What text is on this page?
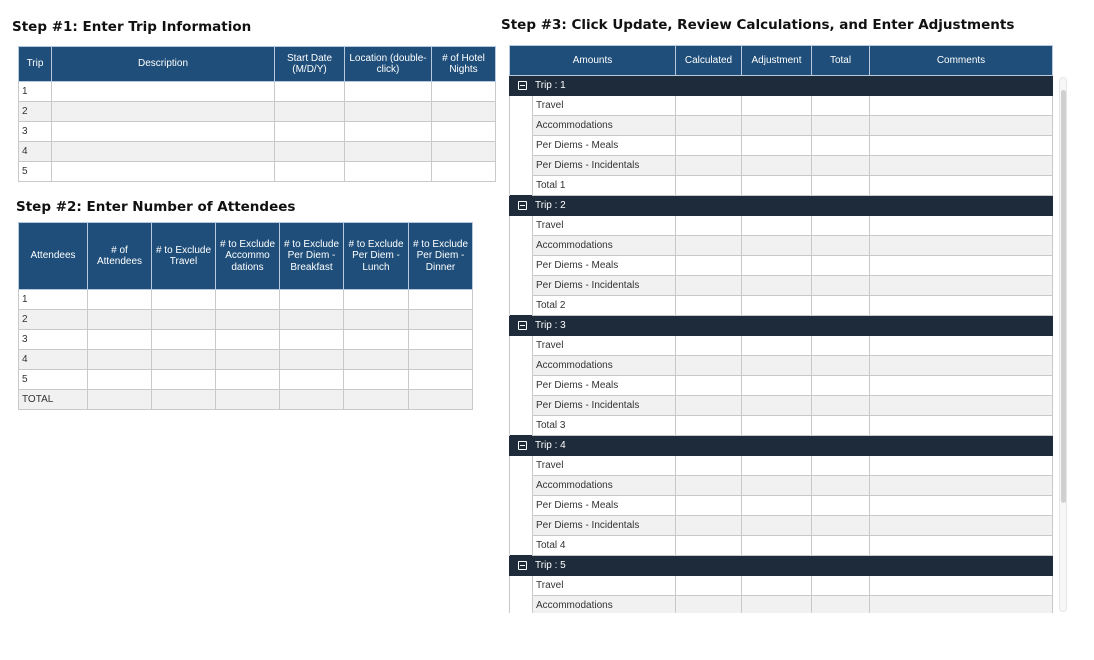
Step #1: Enter Trip Information
Trip	Description	Start Date (M/D/Y)	Location (double-click)	# of Hotel Nights
1				
2				
3				
4				
5				
Step #2: Enter Number of Attendees
Attendees	# of Attendees	# to Exclude Travel	# to Exclude Accommo dations	# to Exclude Per Diem - Breakfast	# to Exclude Per Diem - Lunch	# to Exclude Per Diem - Dinner
1						
2						
3						
4						
5						
TOTAL						
Step #3: Click Update, Review Calculations, and Enter Adjustments
Amounts		Calculated	Adjustment	Total	Comments
Trip : 1					
	Travel				
	Accommodations				
	Per Diems - Meals				
	Per Diems - Incidentals				
	Total 1				
Trip : 2					
	Travel				
	Accommodations				
	Per Diems - Meals				
	Per Diems - Incidentals				
	Total 2				
Trip : 3					
	Travel				
	Accommodations				
	Per Diems - Meals				
	Per Diems - Incidentals				
	Total 3				
Trip : 4					
	Travel				
	Accommodations				
	Per Diems - Meals				
	Per Diems - Incidentals				
	Total 4				
Trip : 5					
	Travel				
	Accommodations				
